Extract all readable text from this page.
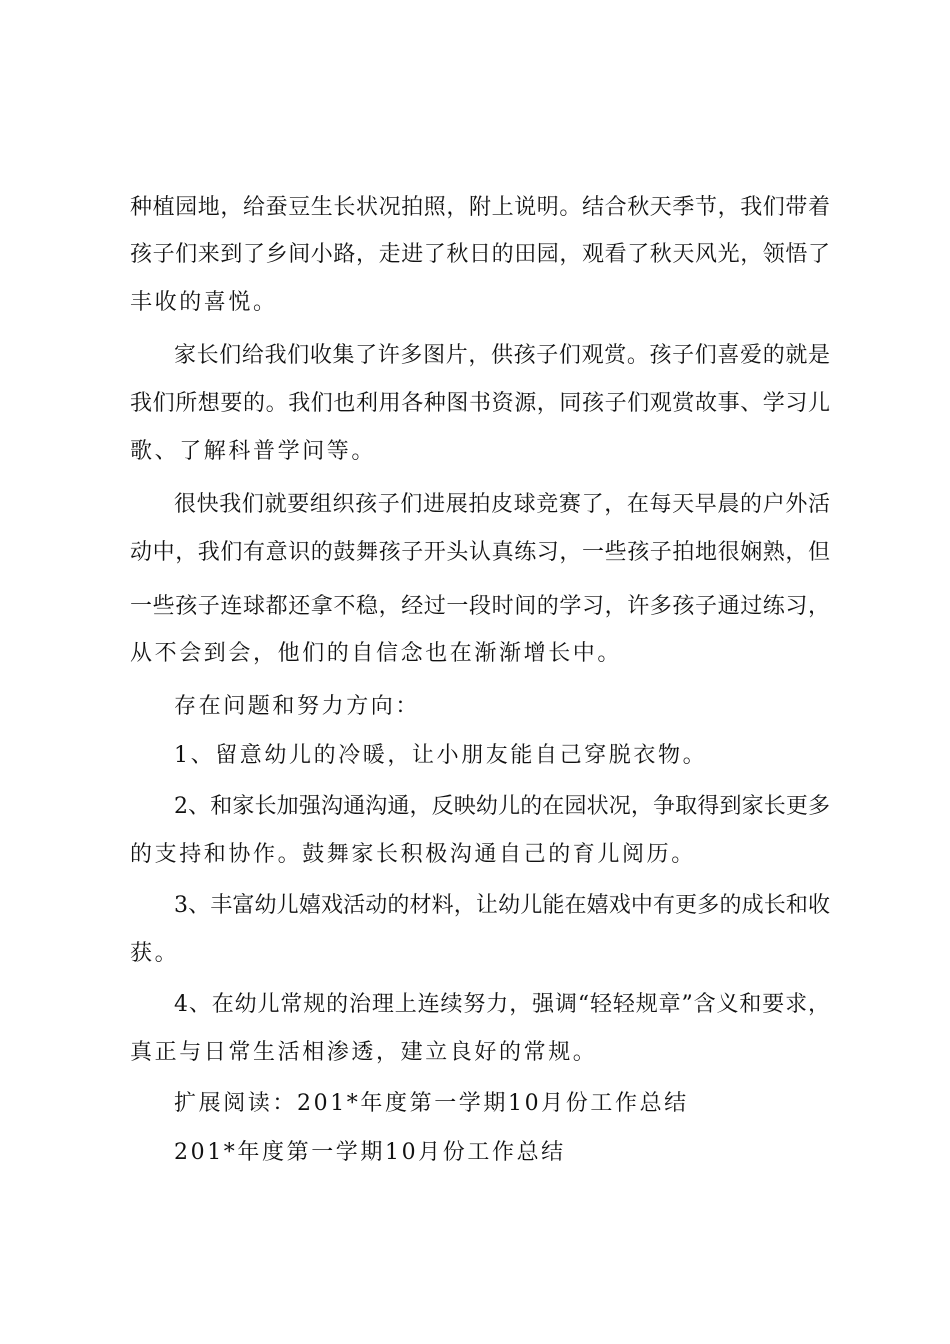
种植园地，给蚕豆生长状况拍照，附上说明。结合秋天季节，我们带着
孩子们来到了乡间小路，走进了秋日的田园，观看了秋天风光，领悟了
丰收的喜悦。
家长们给我们收集了许多图片，供孩子们观赏。孩子们喜爱的就是
我们所想要的。我们也利用各种图书资源，同孩子们观赏故事、学习儿
歌、了解科普学问等。
很快我们就要组织孩子们进展拍皮球竞赛了，在每天早晨的户外活
动中，我们有意识的鼓舞孩子开头认真练习，一些孩子拍地很娴熟，但
一些孩子连球都还拿不稳，经过一段时间的学习，许多孩子通过练习，
从不会到会，他们的自信念也在渐渐增长中。
存在问题和努力方向：
1、留意幼儿的冷暖，让小朋友能自己穿脱衣物。
2、和家长加强沟通沟通，反映幼儿的在园状况，争取得到家长更多
的支持和协作。鼓舞家长积极沟通自己的育儿阅历。
3、丰富幼儿嬉戏活动的材料，让幼儿能在嬉戏中有更多的成长和收
获。
4、在幼儿常规的治理上连续努力，强调“轻轻规章”含义和要求，
真正与日常生活相渗透，建立良好的常规。
扩展阅读：201*年度第一学期10月份工作总结
201*年度第一学期10月份工作总结
